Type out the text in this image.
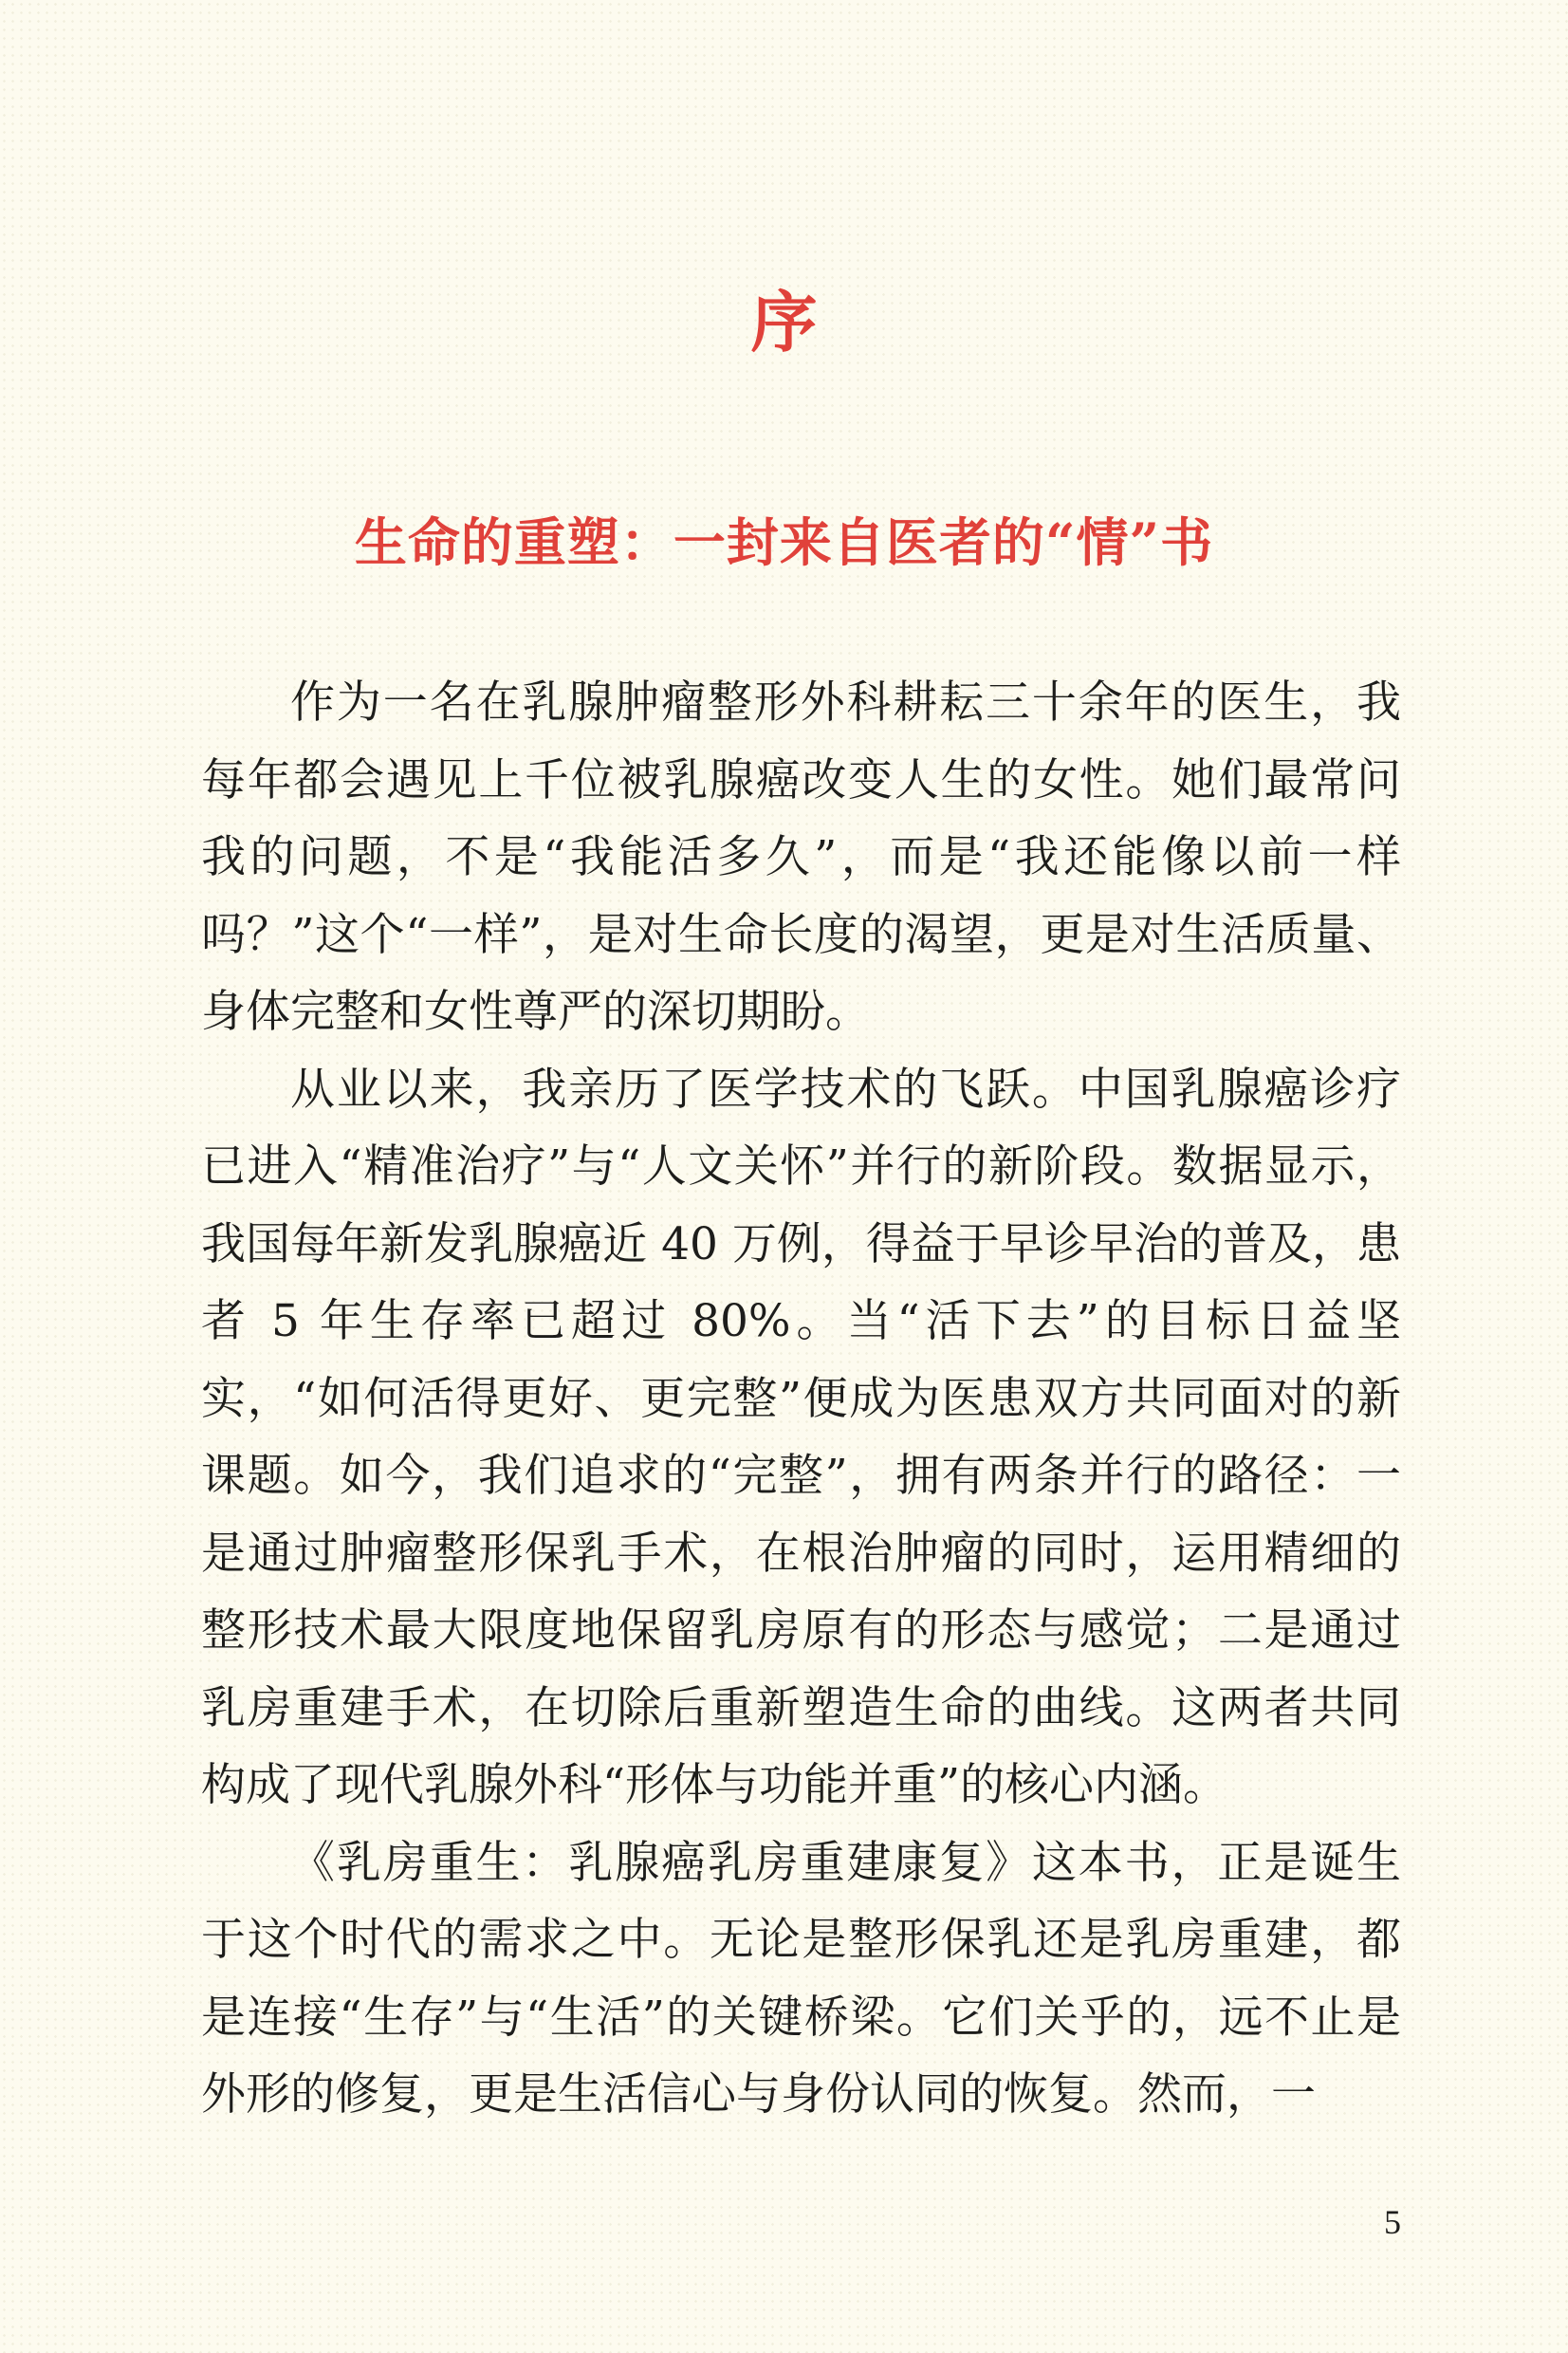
序
生命的重塑：一封来自医者的“情”书

作为一名在乳腺肿瘤整形外科耕耘三十余年的医生，我每年都会遇见上千位被乳腺癌改变人生的女性。她们最常问我的问题，不是“我能活多久”，而是“我还能像以前一样吗？”这个“一样”，是对生命长度的渴望，更是对生活质量、身体完整和女性尊严的深切期盼。

从业以来，我亲历了医学技术的飞跃。中国乳腺癌诊疗已进入“精准治疗”与“人文关怀”并行的新阶段。数据显示，我国每年新发乳腺癌近 40 万例，得益于早诊早治的普及，患者 5 年生存率已超过 80%。当“活下去”的目标日益坚实，“如何活得更好、更完整”便成为医患双方共同面对的新课题。如今，我们追求的“完整”，拥有两条并行的路径：一是通过肿瘤整形保乳手术，在根治肿瘤的同时，运用精细的整形技术最大限度地保留乳房原有的形态与感觉；二是通过乳房重建手术，在切除后重新塑造生命的曲线。这两者共同构成了现代乳腺外科“形体与功能并重”的核心内涵。

《乳房重生：乳腺癌乳房重建康复》这本书，正是诞生于这个时代的需求之中。无论是整形保乳还是乳房重建，都是连接“生存”与“生活”的关键桥梁。它们关乎的，远不止是外形的修复，更是生活信心与身份认同的恢复。然而，一

5
